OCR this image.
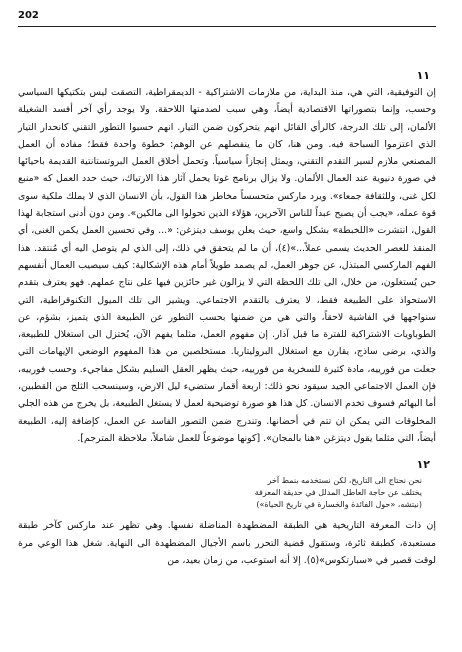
202
١١

إن التوفيقية، التي هي، منذ البداية، من ملازمات الاشتراكية - الديمقراطية، التصقت ليس بتكتيكها السياسي وحسب، وإنما بتصوراتها الاقتصادية أيضاً، وهي سبب لصدمتها اللاحقة. ولا يوجد رأي آخر أفسد الشغيلة الألمان، إلى تلك الدرجة، كالرأي القائل انهم يتحركون ضمن التيار. انهم حسبوا التطور التقني كانحدار التيار الذي اعتزموا السباحة فيه. ومن هنا، كان ما ينفصلهم عن الوهم: خطوة واحدة فقط؛ مفاده أن العمل المصنعي ملازم لسير التقدم التقني، ويمثل إنجازاً سياسياً. وتحمل أخلاق العمل البروتستانتية القديمة باحيائها في صورة دنيوية عند العمال الألمان. ولا يزال برنامج غوتا يحمل آثار هذا الارتباك، حيث حدد العمل كه «منبع لكل غنى، وللثقافة جمعاء». ويرد ماركس متحسساً مخاطر هذا القول، بأن الانسان الذي لا يملك ملكية سوى قوة عمله، «يجب أن يصبح عبداً للناس الآخرين، هؤلاء الذين تحولوا الى مالكين». ومن دون أدنى استجابة لهذا القول، انتشرت «اللخبطة» بشكل واسع، حيث يعلن يوسف ديتزغن: «... وفي تحسين العمل يكمن الغنى، أي المنقذ للعصر الحديث يسمى عملاً...»(٤)، أن ما لم يتحقق في ذلك، إلى الذي لم يتوصل اليه أي مُنتقد. هذا الفهم الماركسي المبتذل، عن جوهر العمل، لم يصمد طويلاً أمام هذه الإشكالية: كيف سيصيب العمال أنفسهم حين يُستغلون، من خلال، الى تلك اللحظة التي لا يزالون غير حائزين فيها على نتاج عملهم. فهو يعترف بتقدم الاستحواذ على الطبيعة فقط، لا يعترف بالتقدم الاجتماعي. ويشير الى تلك الميول التكنوقراطية، التي سنواجهها في الفاشية لاحقاً، والتي هي من ضمنها بحسب التطور عن الطبيعة الذي يتميز، بشؤم، عن الطوباويات الاشتراكية للفترة ما قبل آذار. إن مفهوم العمل، مثلما يفهم الآن، يُختزل الى استغلال للطبيعة، والذي، برضى ساذج، يقارن مع استغلال البروليتاريا. مستخلصين من هذا المفهوم الوضعي الإيهامات التي جعلت من فورييه، مادة كثيرة للسخرية من فورييه، حيث يظهر العقل السليم بشكل مفاجيء. وحسب فورييه، فإن العمل الاجتماعي الجيد سيقود نحو ذلك: اربعة أقمار ستضيء ليل الارض، وسينسحب الثلج من القطبين، أما البهائم فسوف تخدم الانسان. كل هذا هو صورة توضيحية لعمل لا يستغل الطبيعة، بل يخرج من هذه الجلي المخلوقات التي يمكن ان تتم في أحضانها. وتندرج ضمن التصور الفاسد عن العمل، كإضافة إليه، الطبيعة أيضاً، التي مثلما يقول ديتزغن «هنا بالمجان». [كونها موضوعاً للعمل شاملاً. ملاحظة المترجم].

١٢

نحن نحتاج الى التاريخ، لكن نستخدمه بنمط آخر

يختلف عن حاجة العاطل المدلل في حديقة المعرفة

(نيتشه، «حول الفائدة والخسارة في تاريخ الحياة»)

إن ذات المعرفة التاريخية هي الطبقة المضطهدة المناضلة نفسها. وهي تظهر عند ماركس كآخر طبقة مستعبدة، كطبقة ثائرة، وستقول قضية التحرر باسم الأجيال المضطهدة الى النهاية. شغل هذا الوعي مرة لوقت قصير في «سبارتكوس»(٥). إلا أنه استوعب، من زمان بعيد، من
